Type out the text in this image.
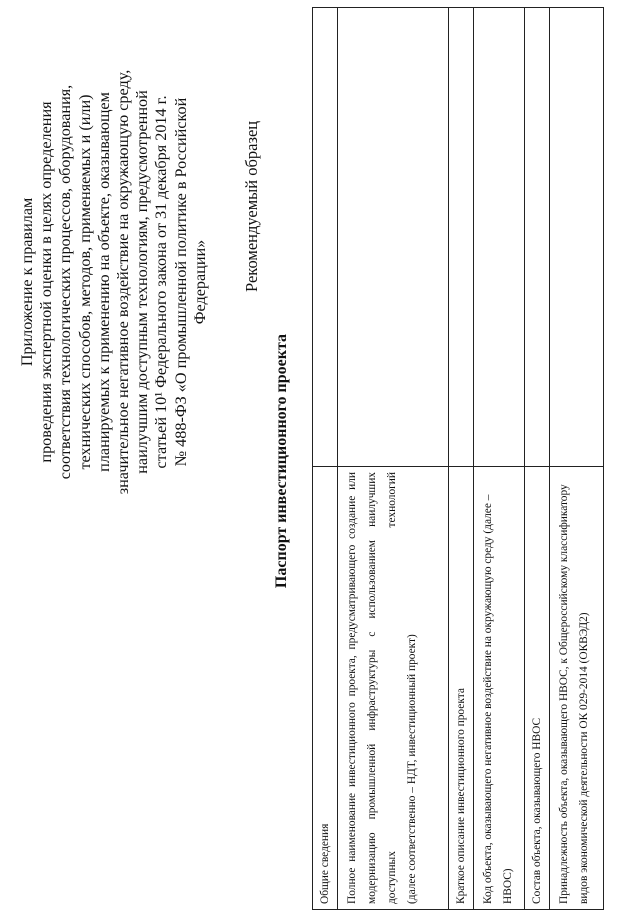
Приложение к правилам проведения экспертной оценки в целях определения соответствия технологических процессов, оборудования, технических способов, методов, применяемых и (или) планируемых к применению на объекте, оказывающем значительное негативное воздействие на окружающую среду, наилучшим доступным технологиям, предусмотренной статьей 10¹ Федерального закона от 31 декабря 2014 г. № 488-ФЗ «О промышленной политике в Российской Федерации» Рекомендуемый образец
Паспорт инвестиционного проекта
Общие сведения	
Полное наименование инвестиционного проекта, предусматривающего создание или модернизацию промышленной инфраструктуры с использованием наилучших доступных технологий (далее соответственно – НДТ, инвестиционный проект)	

Краткое описание инвестиционного проекта	
Код объекта, оказывающего негативное воздействие на окружающую среду (далее – НВОС)	
Состав объекта, оказывающего НВОС	
Принадлежность объекта, оказывающего НВОС, к Общероссийскому классификатору видов экономической деятельности ОК 029-2014 (ОКВЭД2)	
